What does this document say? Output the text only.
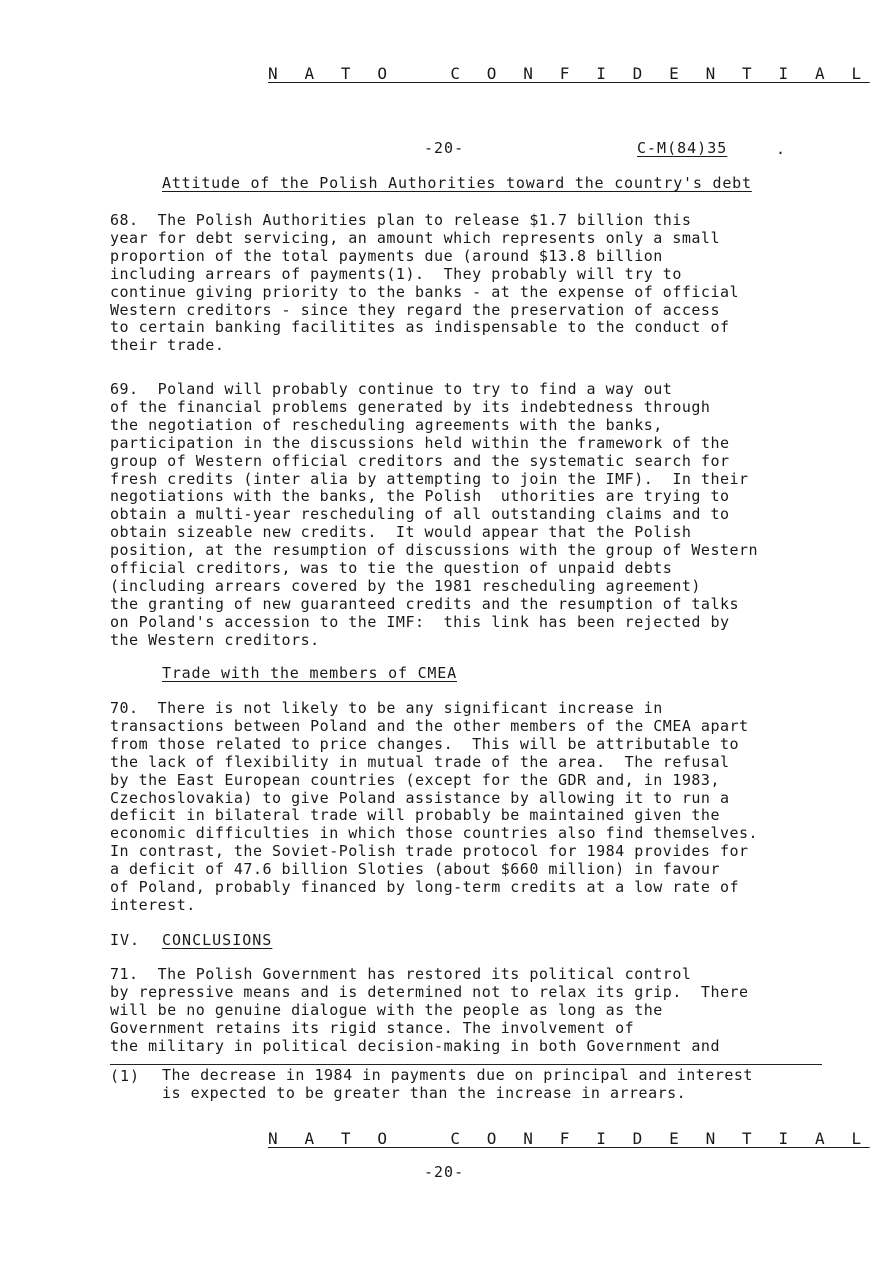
N A T O   C O N F I D E N T I A L
-20-	C-M(84)35	.
Attitude of the Polish Authorities toward the country's debt
68.  The Polish Authorities plan to release $1.7 billion this
year for debt servicing, an amount which represents only a small
proportion of the total payments due (around $13.8 billion
including arrears of payments(1).  They probably will try to
continue giving priority to the banks - at the expense of official
Western creditors - since they regard the preservation of access
to certain banking facilitites as indispensable to the conduct of
their trade.
69.  Poland will probably continue to try to find a way out
of the financial problems generated by its indebtedness through
the negotiation of rescheduling agreements with the banks,
participation in the discussions held within the framework of the
group of Western official creditors and the systematic search for
fresh credits (inter alia by attempting to join the IMF).  In their
negotiations with the banks, the Polish  uthorities are trying to
obtain a multi-year rescheduling of all outstanding claims and to
obtain sizeable new credits.  It would appear that the Polish
position, at the resumption of discussions with the group of Western
official creditors, was to tie the question of unpaid debts
(including arrears covered by the 1981 rescheduling agreement)
the granting of new guaranteed credits and the resumption of talks
on Poland's accession to the IMF:  this link has been rejected by
the Western creditors.
Trade with the members of CMEA
70.  There is not likely to be any significant increase in
transactions between Poland and the other members of the CMEA apart
from those related to price changes.  This will be attributable to
the lack of flexibility in mutual trade of the area.  The refusal
by the East European countries (except for the GDR and, in 1983,
Czechoslovakia) to give Poland assistance by allowing it to run a
deficit in bilateral trade will probably be maintained given the
economic difficulties in which those countries also find themselves.
In contrast, the Soviet-Polish trade protocol for 1984 provides for
a deficit of 47.6 billion Sloties (about $660 million) in favour
of Poland, probably financed by long-term credits at a low rate of
interest.
IV. CONCLUSIONS
71.  The Polish Government has restored its political control
by repressive means and is determined not to relax its grip.  There
will be no genuine dialogue with the people as long as the
Government retains its rigid stance. The involvement of
the military in political decision-making in both Government and
(1) The decrease in 1984 in payments due on principal and interest
is expected to be greater than the increase in arrears.
N A T O   C O N F I D E N T I A L
-20-
